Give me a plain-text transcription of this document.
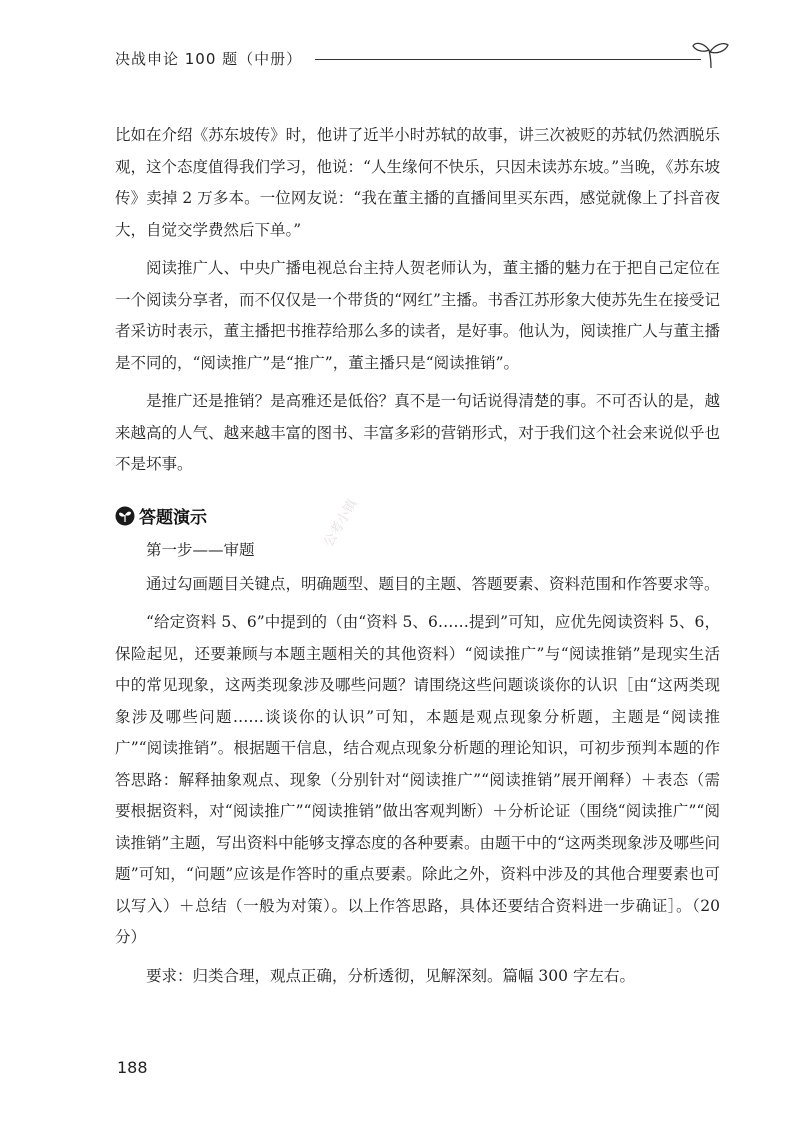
决战申论 100 题（中册）
公考小镇

比如在介绍《苏东坡传》时，他讲了近半小时苏轼的故事，讲三次被贬的苏轼仍然洒脱乐观，这个态度值得我们学习，他说：“人生缘何不快乐，只因未读苏东坡。”当晚，《苏东坡传》卖掉 2 万多本。一位网友说：“我在董主播的直播间里买东西，感觉就像上了抖音夜大，自觉交学费然后下单。”

阅读推广人、中央广播电视总台主持人贺老师认为，董主播的魅力在于把自己定位在一个阅读分享者，而不仅仅是一个带货的“网红”主播。书香江苏形象大使苏先生在接受记者采访时表示，董主播把书推荐给那么多的读者，是好事。他认为，阅读推广人与董主播是不同的，“阅读推广”是“推广”，董主播只是“阅读推销”。

是推广还是推销？是高雅还是低俗？真不是一句话说得清楚的事。不可否认的是，越来越高的人气、越来越丰富的图书、丰富多彩的营销形式，对于我们这个社会来说似乎也不是坏事。

答题演示
第一步——审题

通过勾画题目关键点，明确题型、题目的主题、答题要素、资料范围和作答要求等。

“给定资料 5、6”中提到的（由“资料 5、6……提到”可知，应优先阅读资料 5、6，保险起见，还要兼顾与本题主题相关的其他资料）“阅读推广”与“阅读推销”是现实生活中的常见现象，这两类现象涉及哪些问题？请围绕这些问题谈谈你的认识［由“这两类现象涉及哪些问题……谈谈你的认识”可知，本题是观点现象分析题，主题是“阅读推广”“阅读推销”。根据题干信息，结合观点现象分析题的理论知识，可初步预判本题的作答思路：解释抽象观点、现象（分别针对“阅读推广”“阅读推销”展开阐释）＋表态（需要根据资料，对“阅读推广”“阅读推销”做出客观判断）＋分析论证（围绕“阅读推广”“阅读推销”主题，写出资料中能够支撑态度的各种要素。由题干中的“这两类现象涉及哪些问题”可知，“问题”应该是作答时的重点要素。除此之外，资料中涉及的其他合理要素也可以写入）＋总结（一般为对策）。以上作答思路，具体还要结合资料进一步确证］。（20 分）

要求：归类合理，观点正确，分析透彻，见解深刻。篇幅 300 字左右。

188
